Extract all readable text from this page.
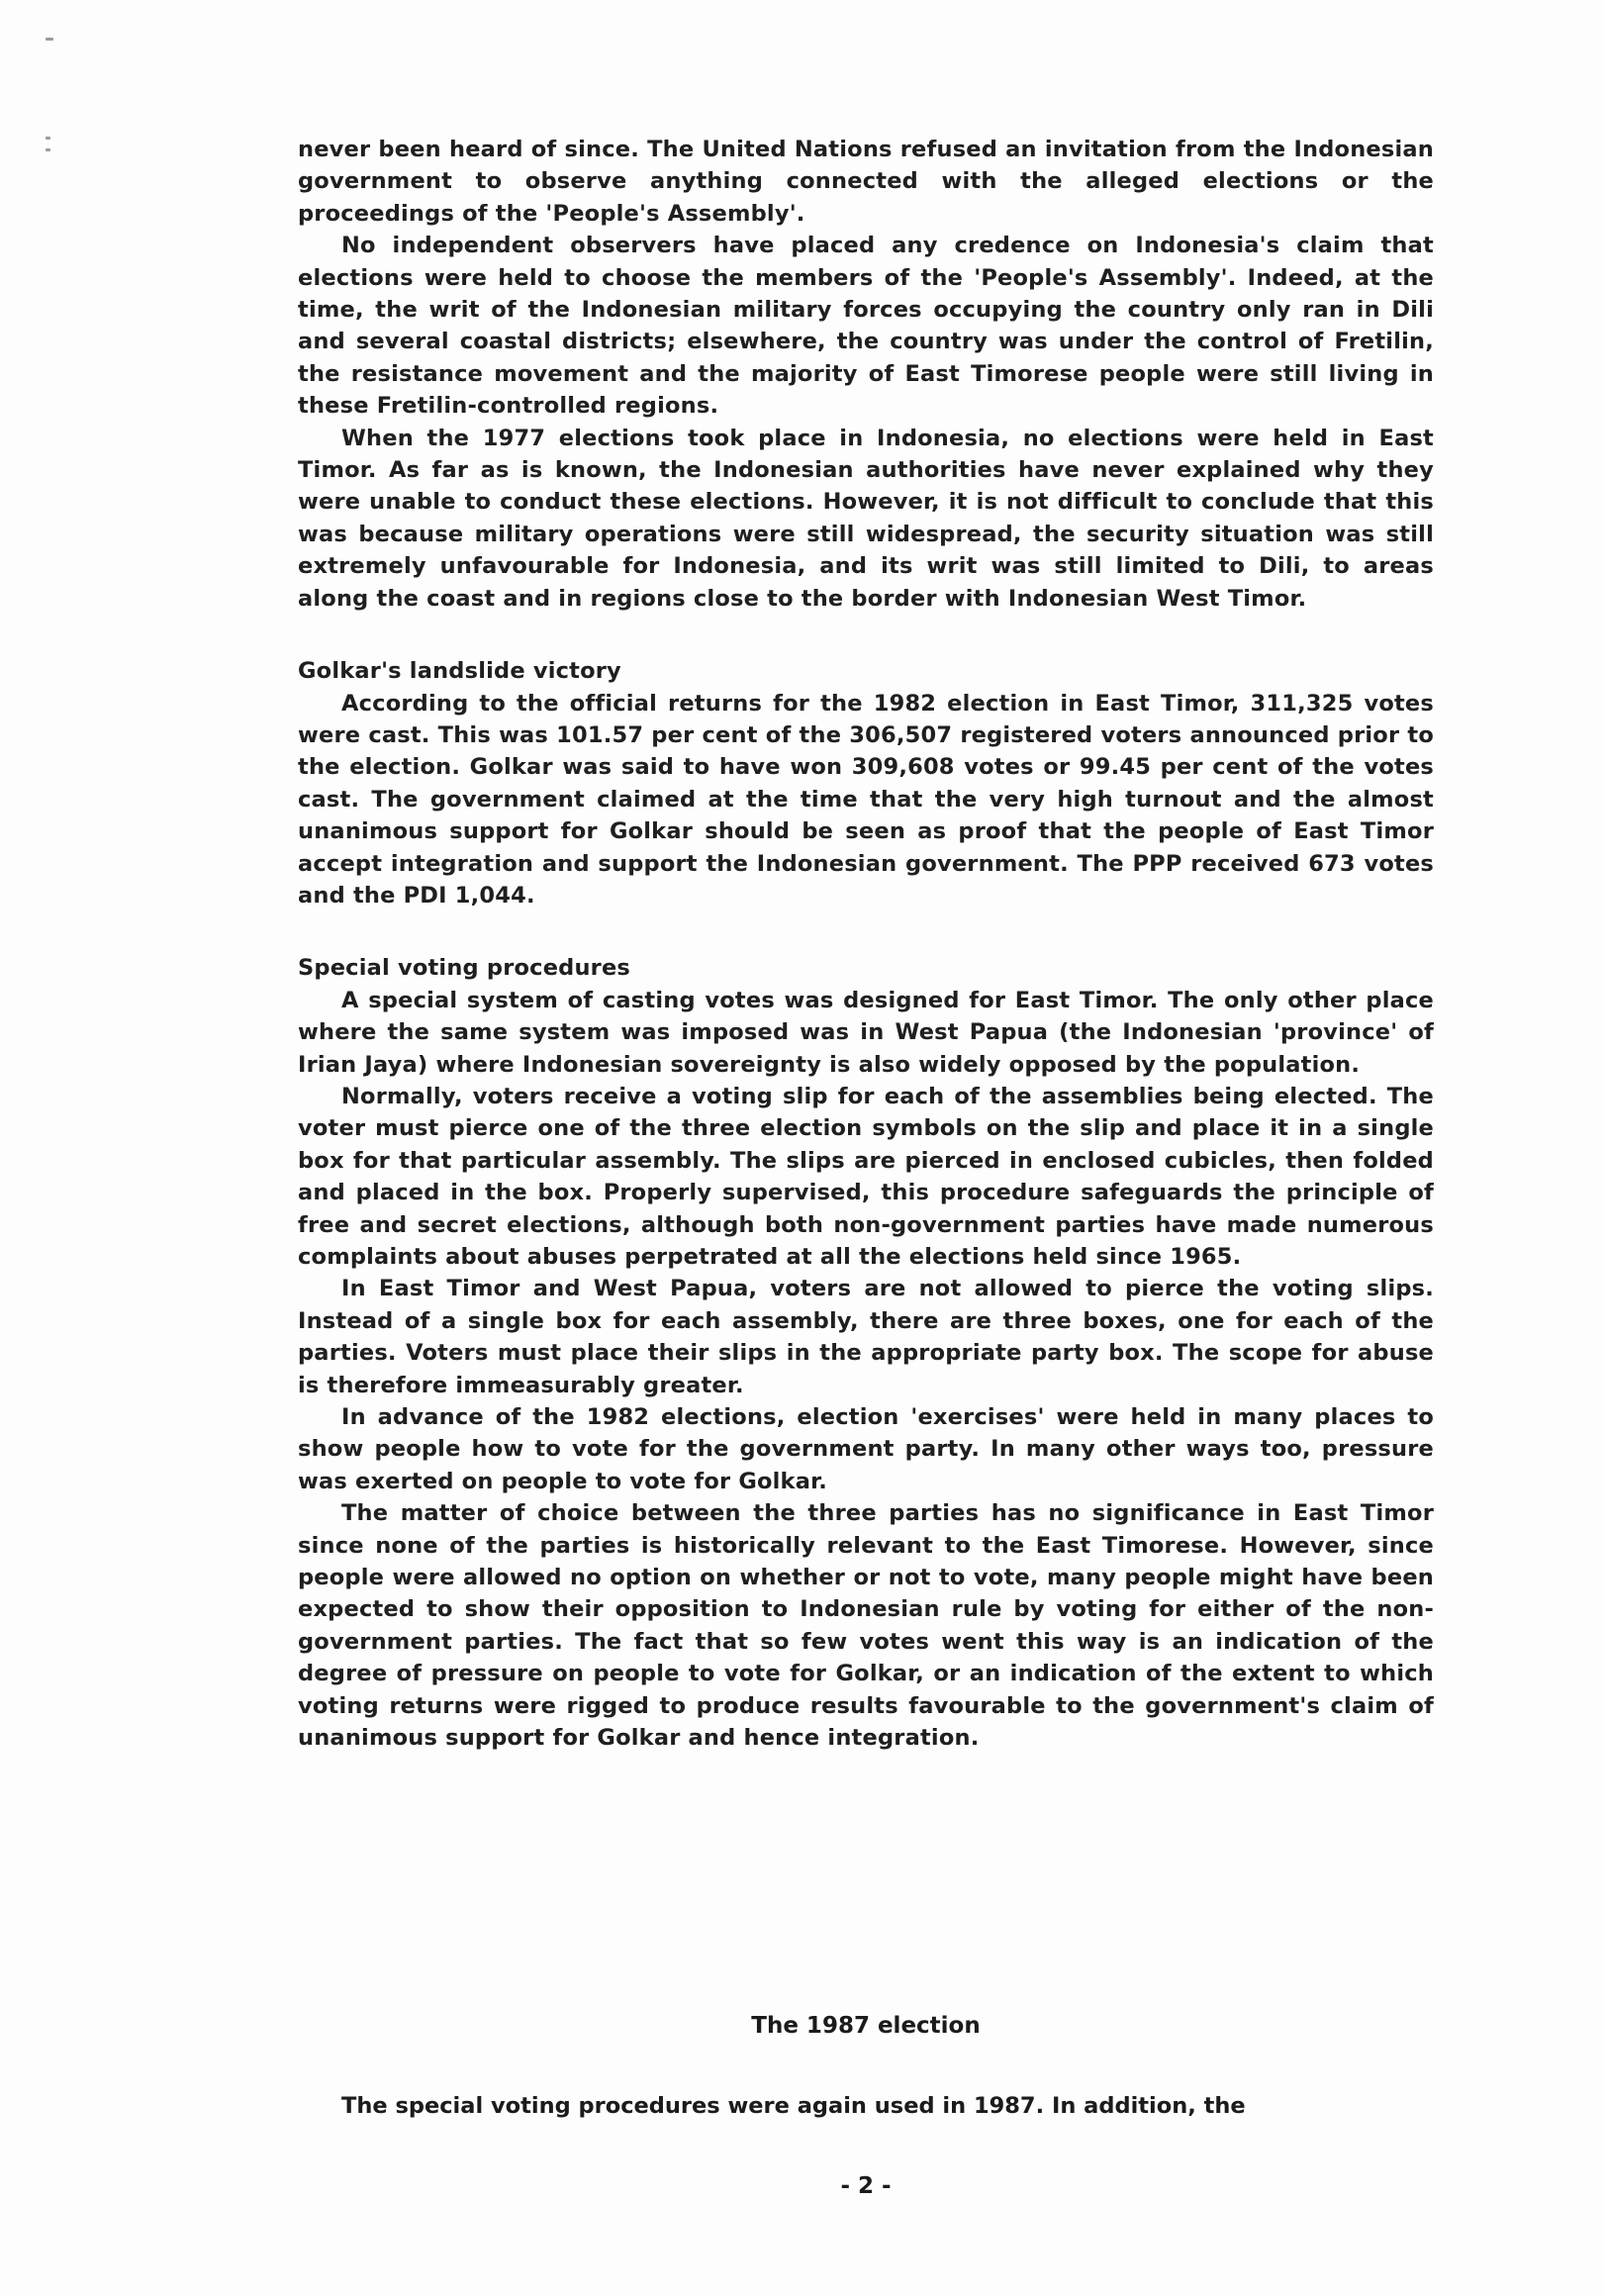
never been heard of since. The United Nations refused an invitation from the Indonesian government to observe anything connected with the alleged elections or the proceedings of the 'People's Assembly'.

No independent observers have placed any credence on Indonesia's claim that elections were held to choose the members of the 'People's Assembly'. Indeed, at the time, the writ of the Indonesian military forces occupying the country only ran in Dili and several coastal districts; elsewhere, the country was under the control of Fretilin, the resistance movement and the majority of East Timorese people were still living in these Fretilin-controlled regions.

When the 1977 elections took place in Indonesia, no elections were held in East Timor. As far as is known, the Indonesian authorities have never explained why they were unable to conduct these elections. However, it is not difficult to conclude that this was because military operations were still widespread, the security situation was still extremely unfavourable for Indonesia, and its writ was still limited to Dili, to areas along the coast and in regions close to the border with Indonesian West Timor.

Golkar's landslide victory

According to the official returns for the 1982 election in East Timor, 311,325 votes were cast. This was 101.57 per cent of the 306,507 registered voters announced prior to the election. Golkar was said to have won 309,608 votes or 99.45 per cent of the votes cast. The government claimed at the time that the very high turnout and the almost unanimous support for Golkar should be seen as proof that the people of East Timor accept integration and support the Indonesian government. The PPP received 673 votes and the PDI 1,044.

Special voting procedures

A special system of casting votes was designed for East Timor. The only other place where the same system was imposed was in West Papua (the Indonesian 'province' of Irian Jaya) where Indonesian sovereignty is also widely opposed by the population.

Normally, voters receive a voting slip for each of the assemblies being elected. The voter must pierce one of the three election symbols on the slip and place it in a single box for that particular assembly. The slips are pierced in enclosed cubicles, then folded and placed in the box. Properly supervised, this procedure safeguards the principle of free and secret elections, although both non-government parties have made numerous complaints about abuses perpetrated at all the elections held since 1965.

In East Timor and West Papua, voters are not allowed to pierce the voting slips. Instead of a single box for each assembly, there are three boxes, one for each of the parties. Voters must place their slips in the appropriate party box. The scope for abuse is therefore immeasurably greater.

In advance of the 1982 elections, election 'exercises' were held in many places to show people how to vote for the government party. In many other ways too, pressure was exerted on people to vote for Golkar.

The matter of choice between the three parties has no significance in East Timor since none of the parties is historically relevant to the East Timorese. However, since people were allowed no option on whether or not to vote, many people might have been expected to show their opposition to Indonesian rule by voting for either of the non-government parties. The fact that so few votes went this way is an indication of the degree of pressure on people to vote for Golkar, or an indication of the extent to which voting returns were rigged to produce results favourable to the government's claim of unanimous support for Golkar and hence integration.

The 1987 election
The special voting procedures were again used in 1987. In addition, the
- 2 -
